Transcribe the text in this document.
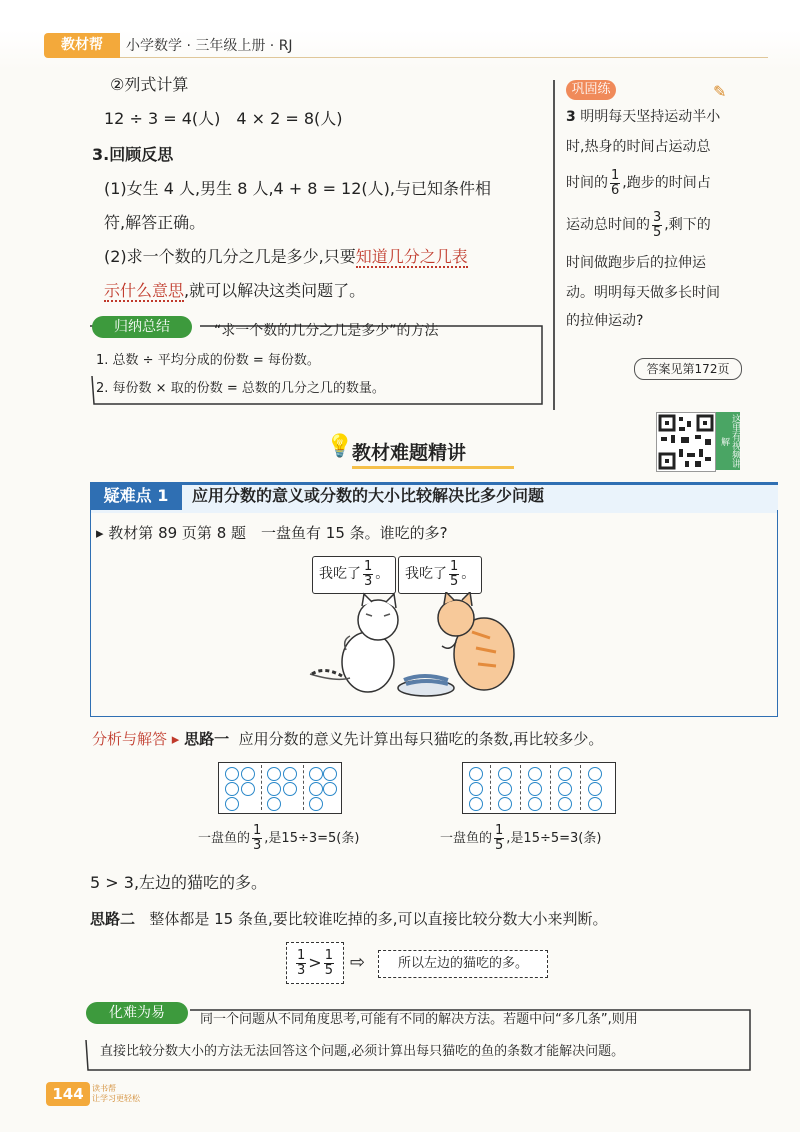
教材帮	小学数学 · 三年级上册 · RJ
②列式计算
12 ÷ 3 = 4(人)　4 × 2 = 8(人)
3.回顾反思
(1)女生 4 人,男生 8 人,4 + 8 = 12(人),与已知条件相
符,解答正确。
(2)求一个数的几分之几是多少,只要知道几分之几表
示什么意思,就可以解决这类问题了。
归纳总结	“求一个数的几分之几是多少”的方法
1. 总数 ÷ 平均分成的份数 = 每份数。
2. 每份数 × 取的份数 = 总数的几分之几的数量。
巩固练	✎
3 明明每天坚持运动半小
时,热身的时间占运动总
时间的 $\frac{1}{6}$ ,跑步的时间占
运动总时间的 $\frac{3}{5}$ ,剩下的
时间做跑步后的拉伸运
动。明明每天做多长时间
的拉伸运动?
答案见第172页
这里有视频讲解
💡
教材难题精讲
疑难点 1	应用分数的意义或分数的大小比较解决比多少问题
▸ 教材第 89 页第 8 题　一盘鱼有 15 条。谁吃的多?
我吃了 $\frac{1}{3}$ 。	我吃了 $\frac{1}{5}$ 。
分析与解答 ▸ 思路一 应用分数的意义先计算出每只猫吃的条数,再比较多少。
一盘鱼的 $\frac{1}{3}$ ,是15÷3=5(条)	一盘鱼的 $\frac{1}{5}$ ,是15÷5=3(条)
5 > 3,左边的猫吃的多。
思路二 整体都是 15 条鱼,要比较谁吃掉的多,可以直接比较分数大小来判断。
$\frac{1}{3} > \frac{1}{5}$ ⇨	所以左边的猫吃的多。
化难为易	同一个问题从不同角度思考,可能有不同的解决方法。若题中问“多几条”,则用
直接比较分数大小的方法无法回答这个问题,必须计算出每只猫吃的鱼的条数才能解决问题。
144	读书帮
让学习更轻松
